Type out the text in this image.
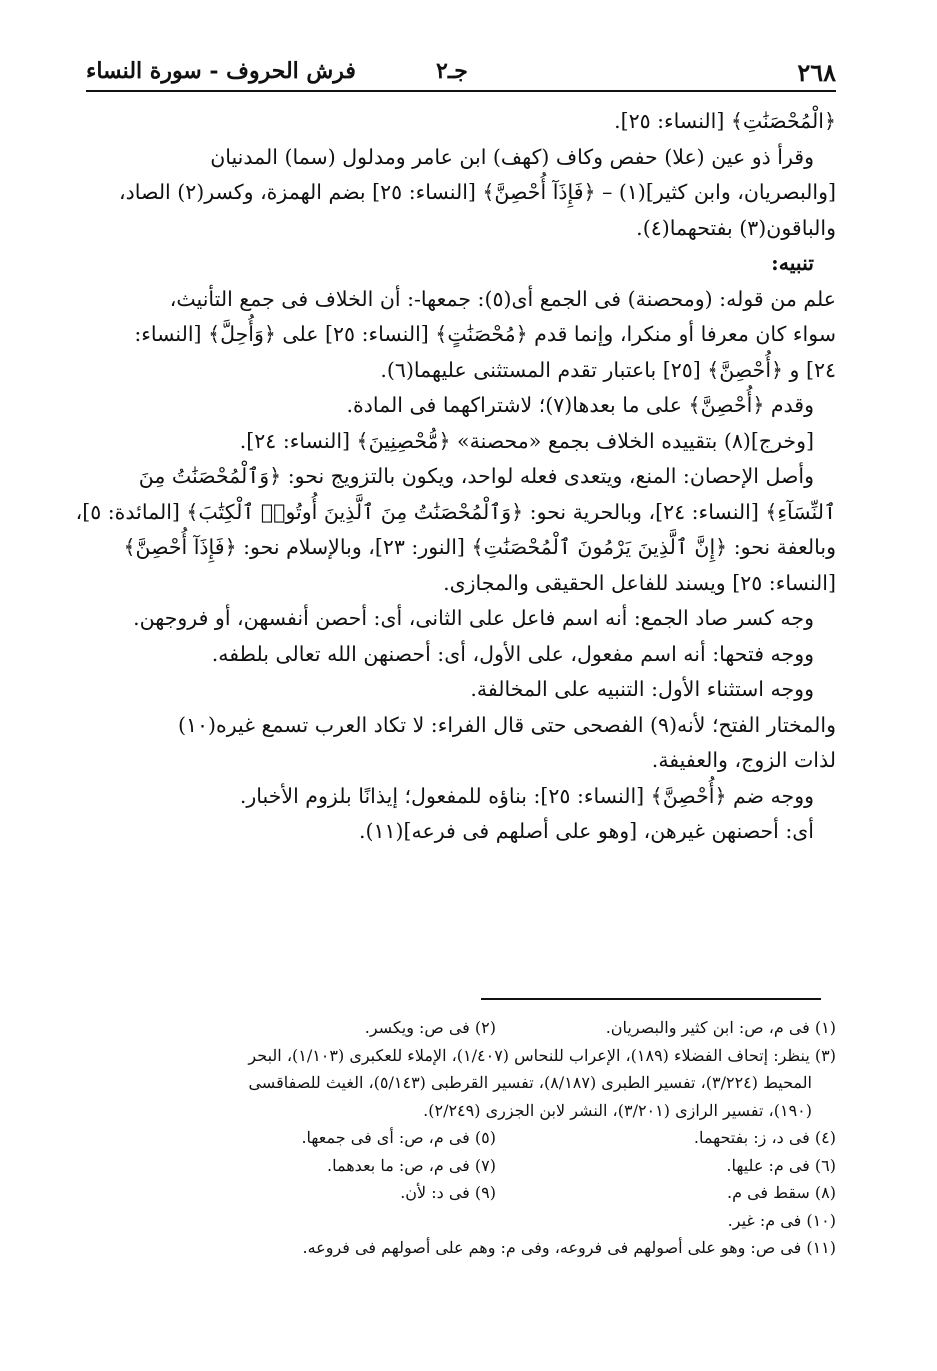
٢٦٨
جـ٢
فرش الحروف - سورة النساء
﴿الْمُحْصَنَٰتِ﴾ [النساء: ٢٥].
وقرأ ذو عين (علا) حفص وكاف (كهف) ابن عامر ومدلول (سما) المدنيان
[والبصريان، وابن كثير](١) – ﴿فَإِذَآ أُحْصِنَّ﴾ [النساء: ٢٥] بضم الهمزة، وكسر(٢) الصاد،
والباقون(٣) بفتحهما(٤).
تنبيه:
علم من قوله: (ومحصنة) فى الجمع أى(٥): جمعها-: أن الخلاف فى جمع التأنيث،
سواء كان معرفا أو منكرا، وإنما قدم ﴿مُحْصَنَٰتٍ﴾ [النساء: ٢٥] على ﴿وَأُحِلَّ﴾ [النساء:
٢٤] و ﴿أُحْصِنَّ﴾ [٢٥] باعتبار تقدم المستثنى عليهما(٦).
وقدم ﴿أُحْصِنَّ﴾ على ما بعدها(٧)؛ لاشتراكهما فى المادة.
[وخرج](٨) بتقييده الخلاف بجمع «محصنة» ﴿مُّحْصِنِينَ﴾ [النساء: ٢٤].
وأصل الإحصان: المنع، ويتعدى فعله لواحد، ويكون بالتزويج نحو: ﴿وَٱلْمُحْصَنَٰتُ مِنَ
ٱلنِّسَآءِ﴾ [النساء: ٢٤]، وبالحرية نحو: ﴿وَٱلْمُحْصَنَٰتُ مِنَ ٱلَّذِينَ أُوتُوا۟ ٱلْكِتَٰبَ﴾ [المائدة: ٥]،
وبالعفة نحو: ﴿إِنَّ ٱلَّذِينَ يَرْمُونَ ٱلْمُحْصَنَٰتِ﴾ [النور: ٢٣]، وبالإسلام نحو: ﴿فَإِذَآ أُحْصِنَّ﴾
[النساء: ٢٥] ويسند للفاعل الحقيقى والمجازى.
وجه كسر صاد الجمع: أنه اسم فاعل على الثانى، أى: أحصن أنفسهن، أو فروجهن.
ووجه فتحها: أنه اسم مفعول، على الأول، أى: أحصنهن الله تعالى بلطفه.
ووجه استثناء الأول: التنبيه على المخالفة.
والمختار الفتح؛ لأنه(٩) الفصحى حتى قال الفراء: لا تكاد العرب تسمع غيره(١٠)
لذات الزوج، والعفيفة.
ووجه ضم ﴿أُحْصِنَّ﴾ [النساء: ٢٥]: بناؤه للمفعول؛ إيذانًا بلزوم الأخبار.
أى: أحصنهن غيرهن، [وهو على أصلهم فى فرعه](١١).
(١) فى م، ص: ابن كثير والبصريان.
(٢) فى ص: ويكسر.
(٣) ينظر: إتحاف الفضلاء (١٨٩)، الإعراب للنحاس (١/٤٠٧)، الإملاء للعكبرى (١/١٠٣)، البحر
المحيط (٣/٢٢٤)، تفسير الطبرى (٨/١٨٧)، تفسير القرطبى (٥/١٤٣)، الغيث للصفاقسى
(١٩٠)، تفسير الرازى (٣/٢٠١)، النشر لابن الجزرى (٢/٢٤٩).
(٤) فى د، ز: بفتحهما.
(٥) فى م، ص: أى فى جمعها.
(٦) فى م: عليها.
(٧) فى م، ص: ما بعدهما.
(٨) سقط فى م.
(٩) فى د: لأن.
(١٠) فى م: غير.
(١١) فى ص: وهو على أصولهم فى فروعه، وفى م: وهم على أصولهم فى فروعه.
